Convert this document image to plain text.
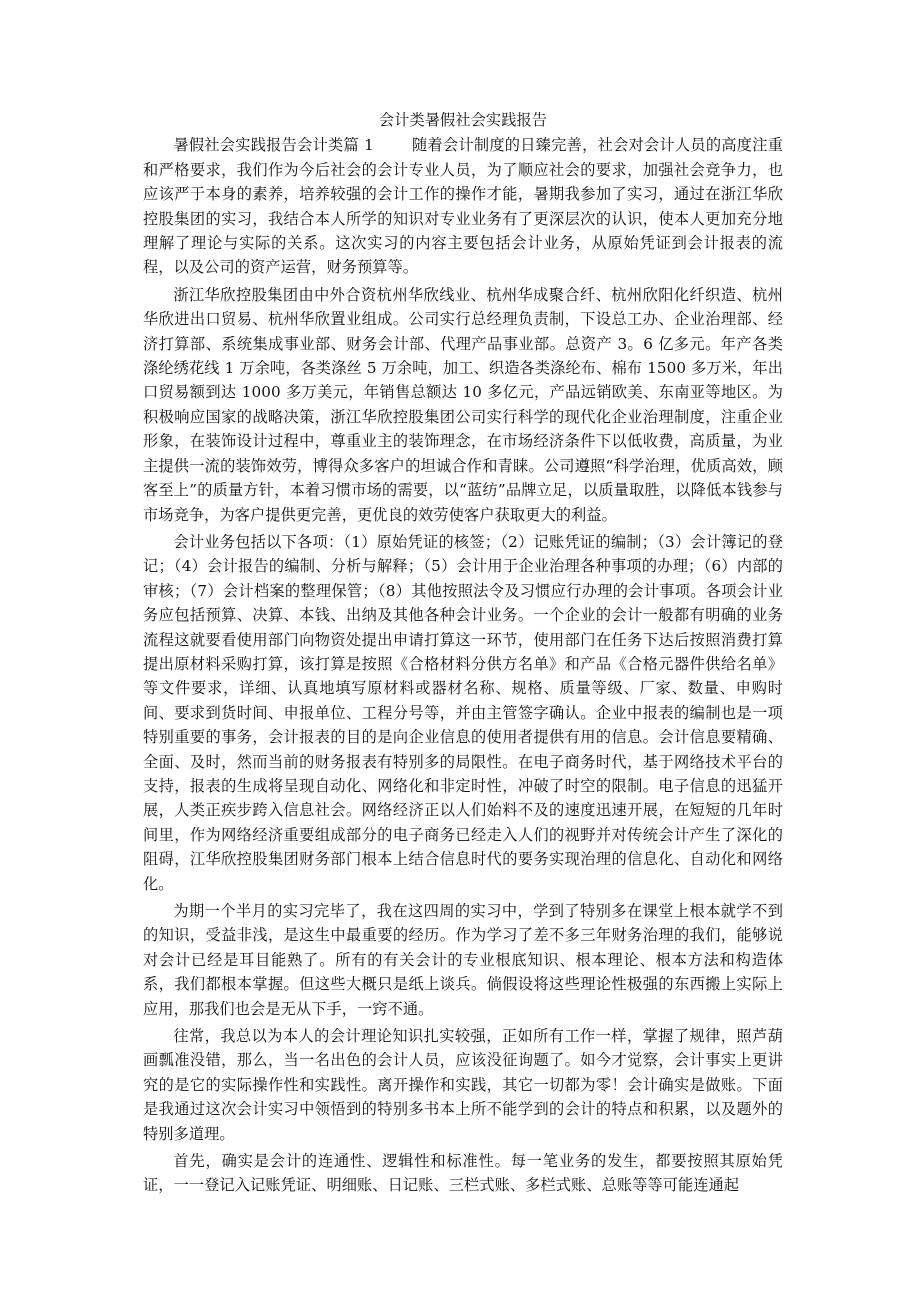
会计类暑假社会实践报告

暑假社会实践报告会计类篇 1	随着会计制度的日臻完善，社会对会计人员的高度注重和严格要求，我们作为今后社会的会计专业人员，为了顺应社会的要求，加强社会竞争力，也应该严于本身的素养，培养较强的会计工作的操作才能，暑期我参加了实习，通过在浙江华欣控股集团的实习，我结合本人所学的知识对专业业务有了更深层次的认识，使本人更加充分地理解了理论与实际的关系。这次实习的内容主要包括会计业务，从原始凭证到会计报表的流程，以及公司的资产运营，财务预算等。

浙江华欣控股集团由中外合资杭州华欣线业、杭州华成聚合纤、杭州欣阳化纤织造、杭州华欣进出口贸易、杭州华欣置业组成。公司实行总经理负责制，下设总工办、企业治理部、经济打算部、系统集成事业部、财务会计部、代理产品事业部。总资产 3。6 亿多元。年产各类涤纶绣花线 1 万余吨，各类涤丝 5 万余吨，加工、织造各类涤纶布、棉布 1500 多万米，年出口贸易额到达 1000 多万美元，年销售总额达 10 多亿元，产品远销欧美、东南亚等地区。为积极响应国家的战略决策，浙江华欣控股集团公司实行科学的现代化企业治理制度，注重企业形象，在装饰设计过程中，尊重业主的装饰理念，在市场经济条件下以低收费，高质量，为业主提供一流的装饰效劳，博得众多客户的坦诚合作和青睐。公司遵照“科学治理，优质高效，顾客至上”的质量方针，本着习惯市场的需要，以“蓝纺”品牌立足，以质量取胜，以降低本钱参与市场竞争，为客户提供更完善，更优良的效劳使客户获取更大的利益。

会计业务包括以下各项：（1）原始凭证的核签；（2）记账凭证的编制；（3）会计簿记的登记；（4）会计报告的编制、分析与解释；（5）会计用于企业治理各种事项的办理；（6）内部的审核；（7）会计档案的整理保管；（8）其他按照法令及习惯应行办理的会计事项。各项会计业务应包括预算、决算、本钱、出纳及其他各种会计业务。一个企业的会计一般都有明确的业务流程这就要看使用部门向物资处提出申请打算这一环节，使用部门在任务下达后按照消费打算提出原材料采购打算，该打算是按照《合格材料分供方名单》和产品《合格元器件供给名单》等文件要求，详细、认真地填写原材料或器材名称、规格、质量等级、厂家、数量、申购时间、要求到货时间、申报单位、工程分号等，并由主管签字确认。企业中报表的编制也是一项特别重要的事务，会计报表的目的是向企业信息的使用者提供有用的信息。会计信息要精确、全面、及时，然而当前的财务报表有特别多的局限性。在电子商务时代，基于网络技术平台的支持，报表的生成将呈现自动化、网络化和非定时性，冲破了时空的限制。电子信息的迅猛开展，人类正疾步跨入信息社会。网络经济正以人们始料不及的速度迅速开展，在短短的几年时间里，作为网络经济重要组成部分的电子商务已经走入人们的视野并对传统会计产生了深化的阻碍，江华欣控股集团财务部门根本上结合信息时代的要务实现治理的信息化、自动化和网络化。

为期一个半月的实习完毕了，我在这四周的实习中，学到了特别多在课堂上根本就学不到的知识，受益非浅，是这生中最重要的经历。作为学习了差不多三年财务治理的我们，能够说对会计已经是耳目能熟了。所有的有关会计的专业根底知识、根本理论、根本方法和构造体系，我们都根本掌握。但这些大概只是纸上谈兵。倘假设将这些理论性极强的东西搬上实际上应用，那我们也会是无从下手，一窍不通。

往常，我总以为本人的会计理论知识扎实较强，正如所有工作一样，掌握了规律，照芦葫画瓢准没错，那么，当一名出色的会计人员，应该没征询题了。如今才觉察，会计事实上更讲究的是它的实际操作性和实践性。离开操作和实践，其它一切都为零！会计确实是做账。下面是我通过这次会计实习中领悟到的特别多书本上所不能学到的会计的特点和积累，以及题外的特别多道理。

首先，确实是会计的连通性、逻辑性和标准性。每一笔业务的发生，都要按照其原始凭证，一一登记入记账凭证、明细账、日记账、三栏式账、多栏式账、总账等等可能连通起
